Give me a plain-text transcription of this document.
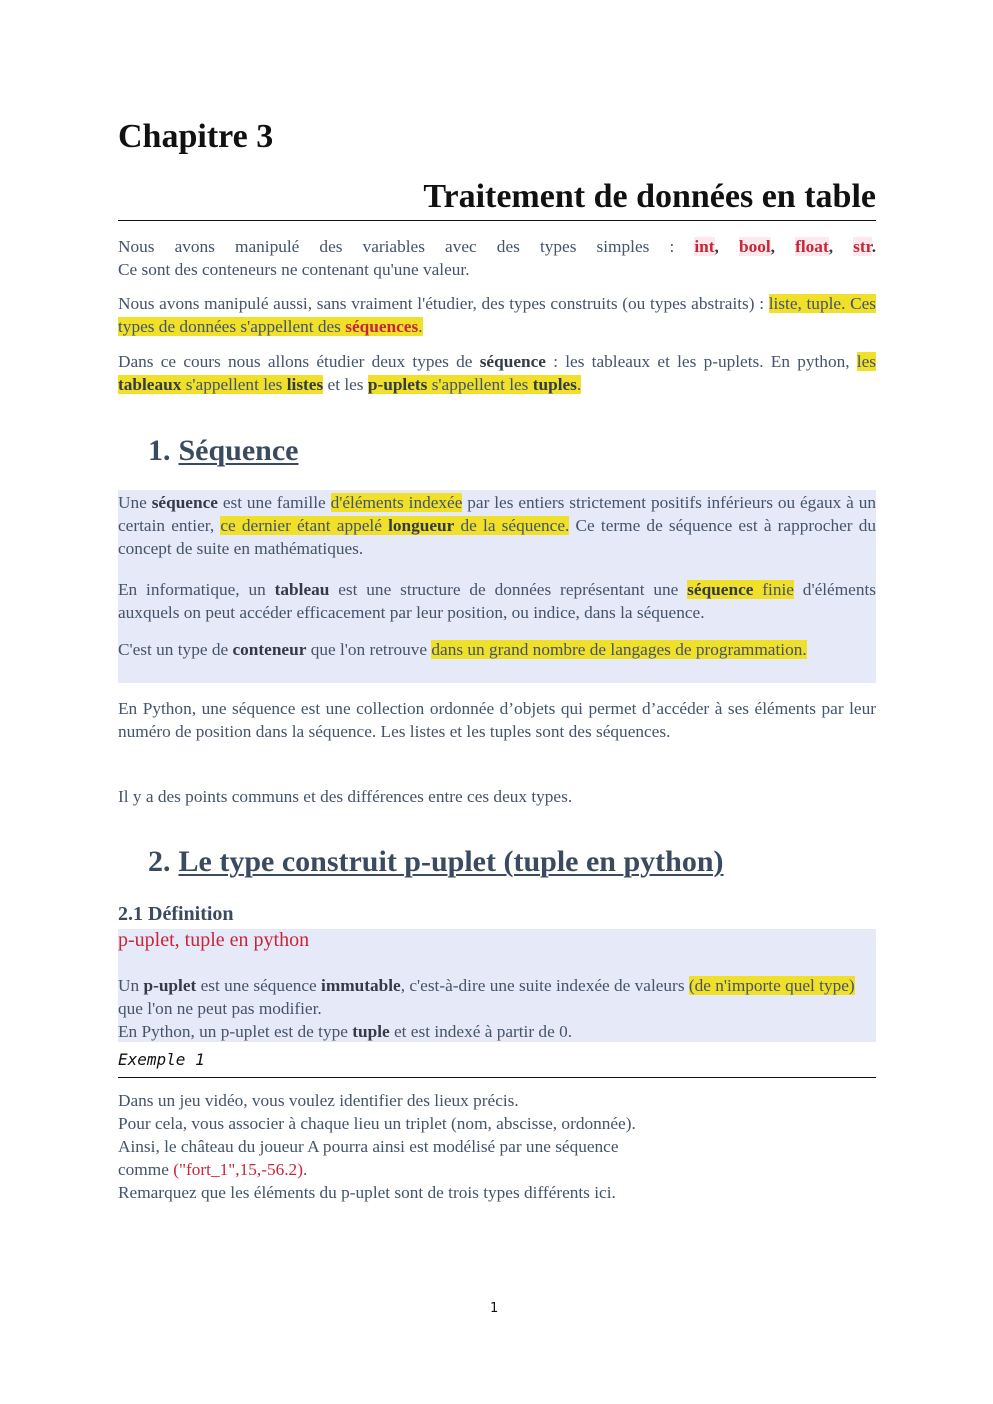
Chapitre 3
Traitement de données en table

Nous avons manipulé des variables avec des types simples : int, bool, float, str.

Ce sont des conteneurs ne contenant qu'une valeur.

Nous avons manipulé aussi, sans vraiment l'étudier, des types construits (ou types abstraits) : liste, tuple. Ces types de données s'appellent des séquences.

Dans ce cours nous allons étudier deux types de séquence : les tableaux et les p-uplets. En python, les tableaux s'appellent les listes et les p-uplets s'appellent les tuples.

1. Séquence

Une séquence est une famille d'éléments indexée par les entiers strictement positifs inférieurs ou égaux à un certain entier, ce dernier étant appelé longueur de la séquence. Ce terme de séquence est à rapprocher du concept de suite en mathématiques.

En informatique, un tableau est une structure de données représentant une séquence finie d'éléments auxquels on peut accéder efficacement par leur position, ou indice, dans la séquence.

C'est un type de conteneur que l'on retrouve dans un grand nombre de langages de programmation.

En Python, une séquence est une collection ordonnée d’objets qui permet d’accéder à ses éléments par leur numéro de position dans la séquence. Les listes et les tuples sont des séquences.

Il y a des points communs et des différences entre ces deux types.

2. Le type construit p-uplet (tuple en python)
2.1 Définition
p-uplet, tuple en python

Un p-uplet est une séquence immutable, c'est-à-dire une suite indexée de valeurs (de n'importe quel type) que l'on ne peut pas modifier.

En Python, un p-uplet est de type tuple et est indexé à partir de 0.

Exemple 1

Dans un jeu vidéo, vous voulez identifier des lieux précis.

Pour cela, vous associer à chaque lieu un triplet (nom, abscisse, ordonnée).

Ainsi, le château du joueur A pourra ainsi est modélisé par une séquence

comme ("fort_1",15,-56.2).

Remarquez que les éléments du p-uplet sont de trois types différents ici.

1
